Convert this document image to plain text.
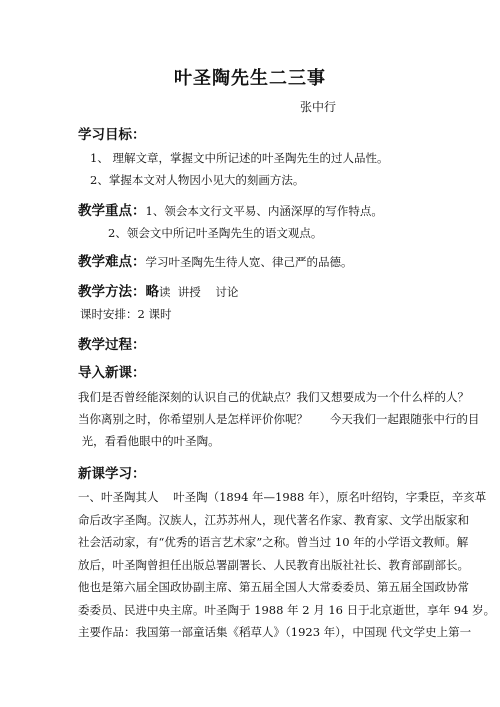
叶圣陶先生二三事

张中行

学习目标：

1、 理解文章，掌握文中所记述的叶圣陶先生的过人品性。

2、掌握本文对人物因小见大的刻画方法。

教学重点：1、领会本文行文平易、内涵深厚的写作特点。

2、领会文中所记叶圣陶先生的语文观点。

教学难点：学习叶圣陶先生待人宽、律己严的品德。
教学方法：略读  讲授    讨论

课时安排：2 课时

教学过程：

导入新课：

我们是否曾经能深刻的认识自己的优缺点？我们又想要成为一个什么样的人？
当你离别之时，你希望别人是怎样评价你呢？      今天我们一起跟随张中行的目
光，看看他眼中的叶圣陶。

新课学习：

一、叶圣陶其人    叶圣陶（1894 年—1988 年），原名叶绍钧，字秉臣，辛亥革
命后改字圣陶。汉族人，江苏苏州人，现代著名作家、教育家、文学出版家和
社会活动家，有“优秀的语言艺术家”之称。曾当过 10 年的小学语文教师。解
放后，叶圣陶曾担任出版总署副署长、人民教育出版社社长、教育部副部长。
他也是第六届全国政协副主席、第五届全国人大常委委员、第五届全国政协常
委委员、民进中央主席。叶圣陶于 1988 年 2 月 16 日于北京逝世，享年 94 岁。
主要作品：我国第一部童话集《稻草人》（1923 年），中国现 代文学史上第一
